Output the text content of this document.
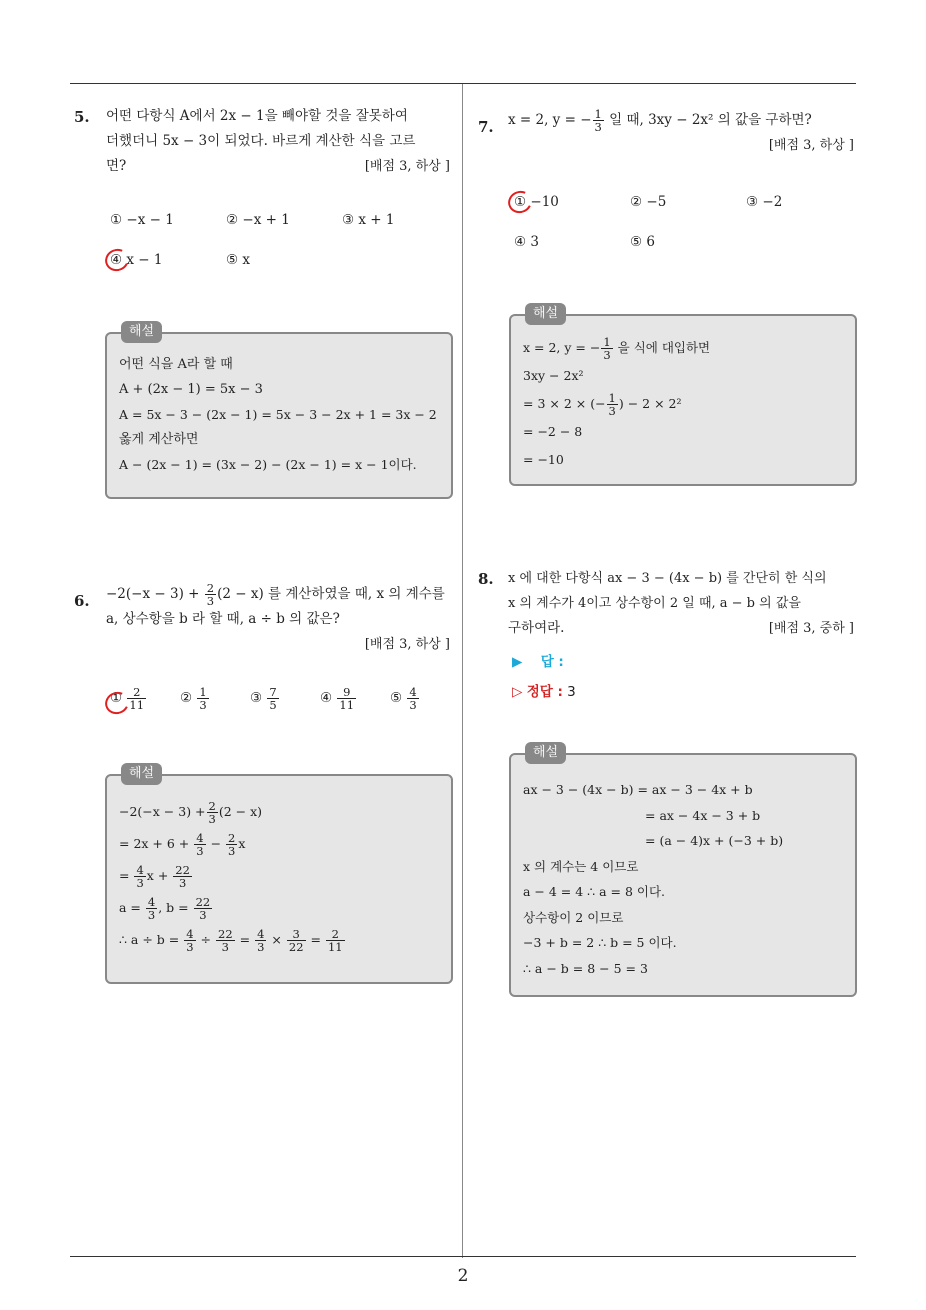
2
5. 어떤 다항식 A에서 2x − 1을 빼야할 것을 잘못하여
더했더니 5x − 3이 되었다. 바르게 계산한 식을 고르
면?	[배점 3, 하상 ]
① −x − 1	② −x + 1	③ x + 1
④ x − 1	⑤ x
해설
어떤 식을 A라 할 때
A + (2x − 1) = 5x − 3
A = 5x − 3 − (2x − 1) = 5x − 3 − 2x + 1 = 3x − 2
옳게 계산하면
A − (2x − 1) = (3x − 2) − (2x − 1) = x − 1이다.
6. $-2(-x - 3) + \frac{2}{3} (2 - x)$ 를 계산하였을 때, x 의 계수를
a, 상수항을 b 라 할 때, a ÷ b 의 값은?
[배점 3, 하상 ]
① $\frac{2}{11}$	② $\frac{1}{3}$	③ $\frac{7}{5}$	④ $\frac{9}{11}$	⑤ $\frac{4}{3}$
해설
$-2(-x - 3) + \frac{2}{3} (2 - x)$
= $2x + 6 + \frac{4}{3} - \frac{2}{3}$ x
= $\frac{4}{3}$ $x + \frac{22}{3}$
$a = \frac{4}{3}$ , $b = \frac{22}{3}$
∴ $a \div b = \frac{4}{3} \div \frac{22}{3} = \frac{4}{3} \times \frac{3}{22} = \frac{2}{11}$
7. x = 2, y = − $\frac{1}{3}$ 일 때, 3xy − 2x² 의 값을 구하면?
[배점 3, 하상 ]
① −10	② −5	③ −2
④ 3	⑤ 6
해설
x = 2, y = − $\frac{1}{3}$ 을 식에 대입하면
3xy − 2x²
= 3 × 2 × (− $\frac{1}{3}$ ) − 2 × 2²
= −2 − 8
= −10
8. x 에 대한 다항식 ax − 3 − (4x − b) 를 간단히 한 식의
x 의 계수가 4이고 상수항이 2 일 때, a − b 의 값을
구하여라.	[배점 3, 중하 ]
▶ 답 :
▷ 정답 : 3
해설
ax − 3 − (4x − b) = ax − 3 − 4x + b
= ax − 4x − 3 + b
= (a − 4)x + (−3 + b)
x 의 계수는 4 이므로
a − 4 = 4 ∴ a = 8 이다.
상수항이 2 이므로
−3 + b = 2 ∴ b = 5 이다.
∴ a − b = 8 − 5 = 3
